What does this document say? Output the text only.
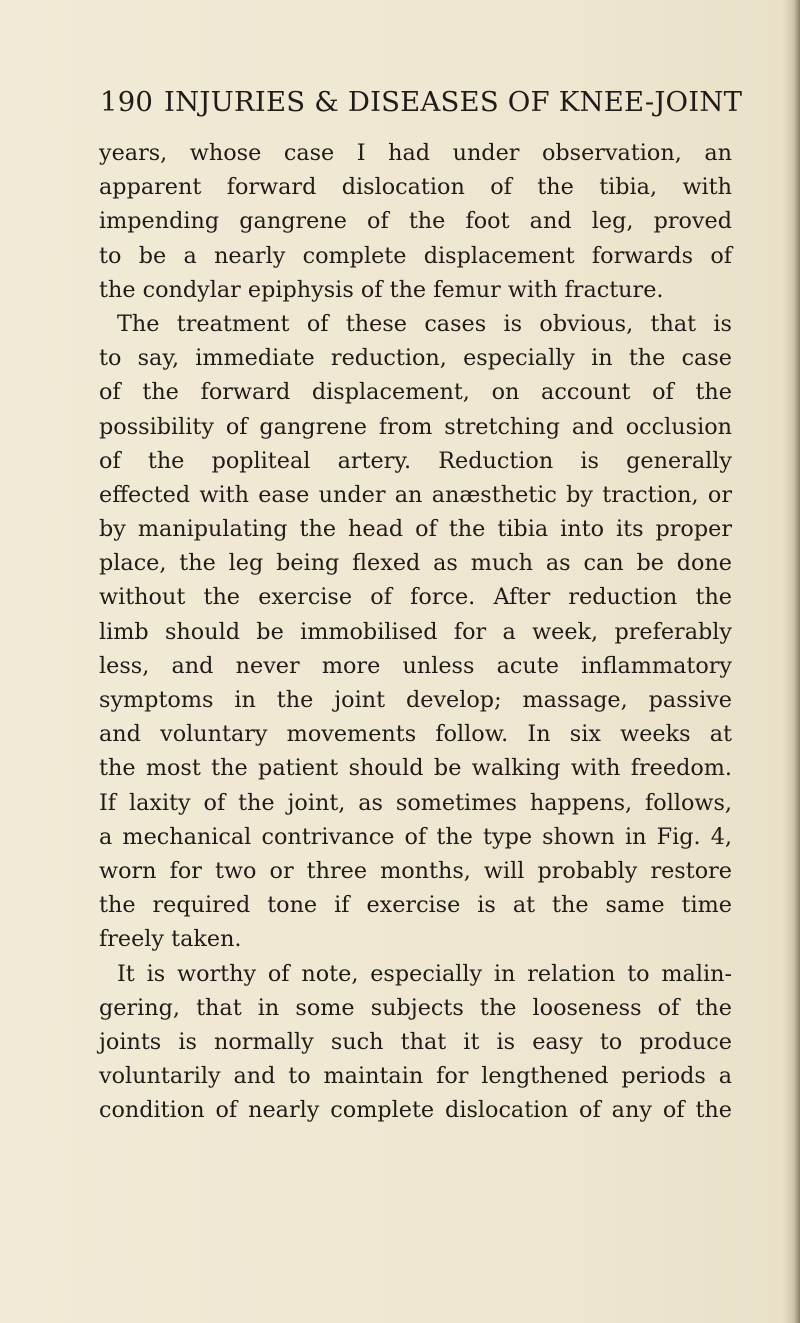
190 INJURIES & DISEASES OF KNEE-JOINT
years, whose case I had under observation, an
apparent forward dislocation of the tibia, with
impending gangrene of the foot and leg, proved
to be a nearly complete displacement forwards of
the condylar epiphysis of the femur with fracture.
The treatment of these cases is obvious, that is
to say, immediate reduction, especially in the case
of the forward displacement, on account of the
possibility of gangrene from stretching and occlusion
of the popliteal artery. Reduction is generally
effected with ease under an anæsthetic by traction, or
by manipulating the head of the tibia into its proper
place, the leg being flexed as much as can be done
without the exercise of force. After reduction the
limb should be immobilised for a week, preferably
less, and never more unless acute inflammatory
symptoms in the joint develop; massage, passive
and voluntary movements follow. In six weeks at
the most the patient should be walking with freedom.
If laxity of the joint, as sometimes happens, follows,
a mechanical contrivance of the type shown in Fig. 4,
worn for two or three months, will probably restore
the required tone if exercise is at the same time
freely taken.
It is worthy of note, especially in relation to malin-
gering, that in some subjects the looseness of the
joints is normally such that it is easy to produce
voluntarily and to maintain for lengthened periods a
condition of nearly complete dislocation of any of the
